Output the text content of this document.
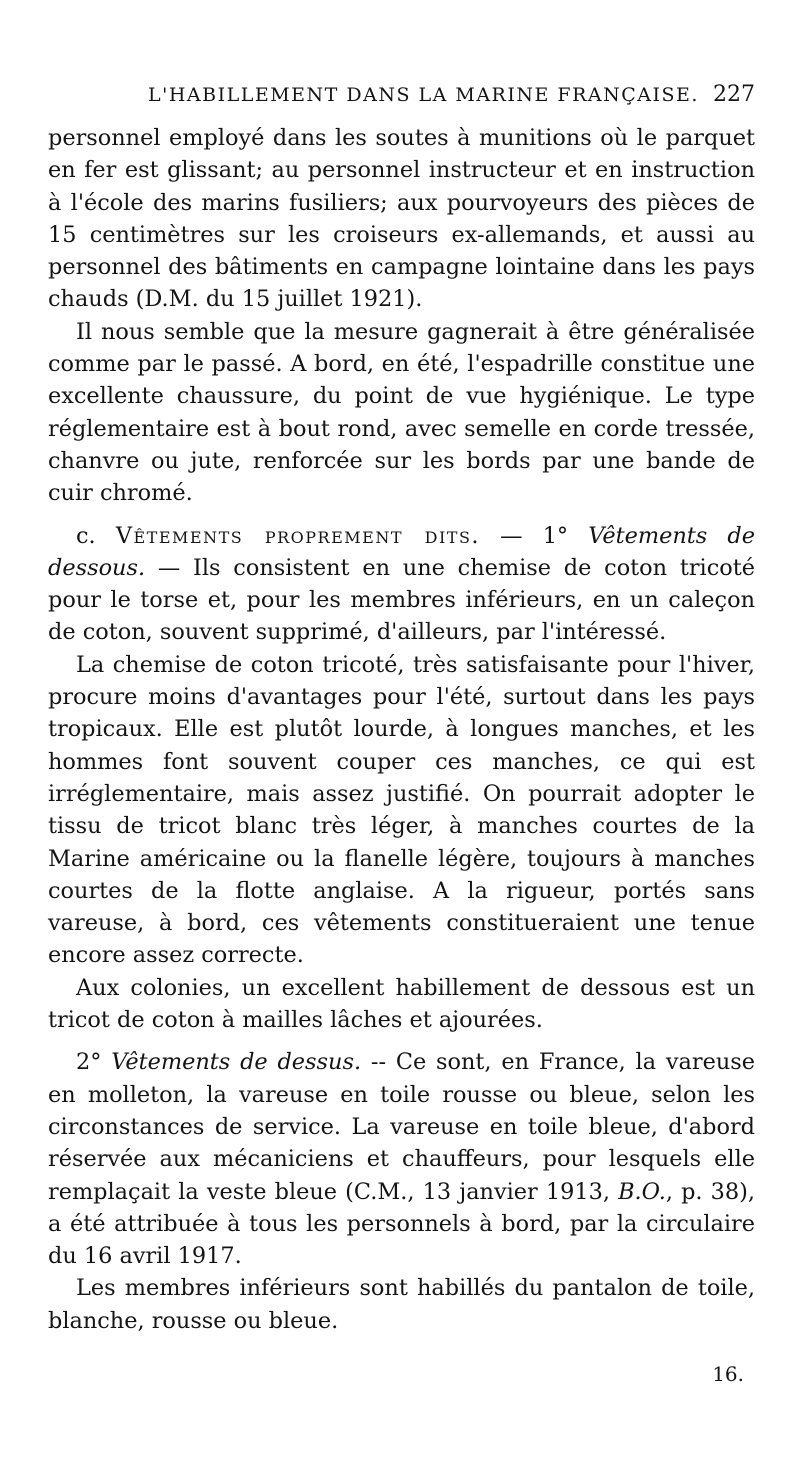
L'HABILLEMENT DANS LA MARINE FRANÇAISE. 227

personnel employé dans les soutes à munitions où le parquet en fer est glissant; au personnel instructeur et en instruction à l'école des marins fusiliers; aux pourvoyeurs des pièces de 15 centimètres sur les croiseurs ex-allemands, et aussi au personnel des bâtiments en campagne lointaine dans les pays chauds (D.M. du 15 juillet 1921).

Il nous semble que la mesure gagnerait à être généralisée comme par le passé. A bord, en été, l'espadrille constitue une excellente chaussure, du point de vue hygiénique. Le type réglementaire est à bout rond, avec semelle en corde tressée, chanvre ou jute, renforcée sur les bords par une bande de cuir chromé.

c. Vêtements proprement dits. — 1° Vêtements de dessous. — Ils consistent en une chemise de coton tricoté pour le torse et, pour les membres inférieurs, en un caleçon de coton, souvent supprimé, d'ailleurs, par l'intéressé.

La chemise de coton tricoté, très satisfaisante pour l'hiver, procure moins d'avantages pour l'été, surtout dans les pays tropicaux. Elle est plutôt lourde, à longues manches, et les hommes font souvent couper ces manches, ce qui est irréglementaire, mais assez justifié. On pourrait adopter le tissu de tricot blanc très léger, à manches courtes de la Marine américaine ou la flanelle légère, toujours à manches courtes de la flotte anglaise. A la rigueur, portés sans vareuse, à bord, ces vêtements constitueraient une tenue encore assez correcte.

Aux colonies, un excellent habillement de dessous est un tricot de coton à mailles lâches et ajourées.

2° Vêtements de dessus. -- Ce sont, en France, la vareuse en molleton, la vareuse en toile rousse ou bleue, selon les circonstances de service. La vareuse en toile bleue, d'abord réservée aux mécaniciens et chauffeurs, pour lesquels elle remplaçait la veste bleue (C.M., 13 janvier 1913, B.O., p. 38), a été attribuée à tous les personnels à bord, par la circulaire du 16 avril 1917.

Les membres inférieurs sont habillés du pantalon de toile, blanche, rousse ou bleue.

16.
